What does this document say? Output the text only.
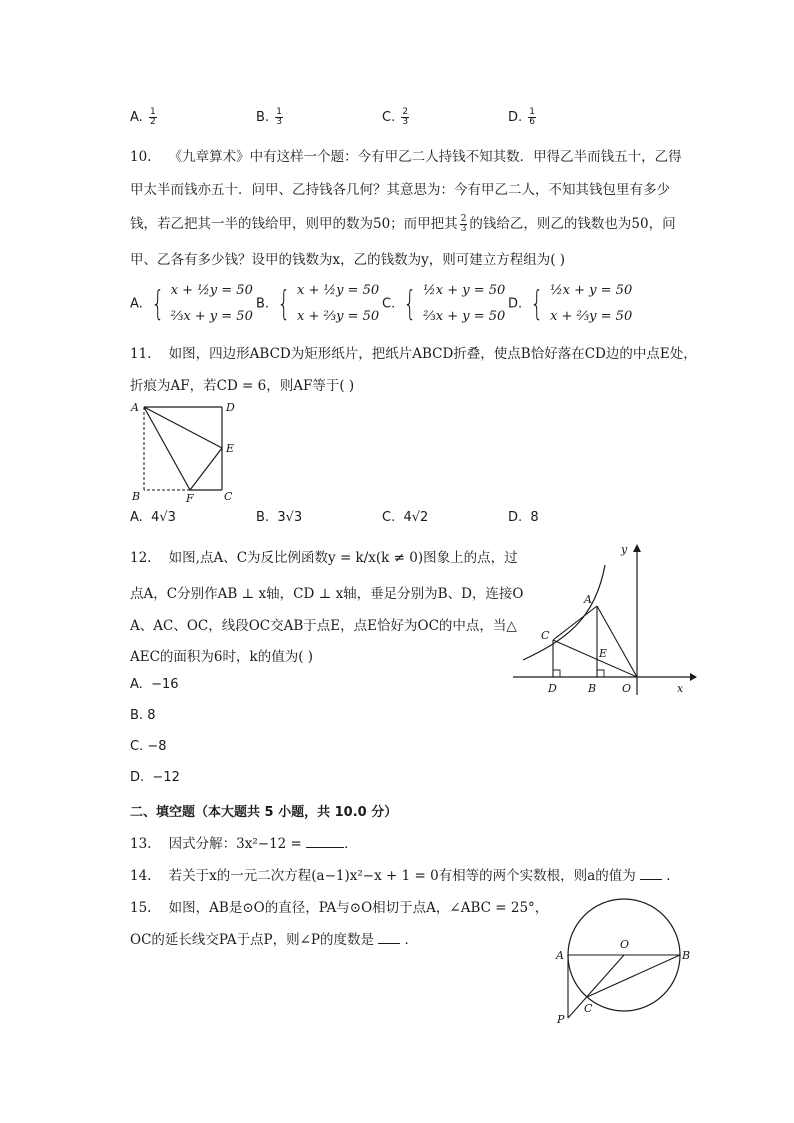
A. $\frac{1}{2}$	B. $\frac{1}{3}$	C. $\frac{2}{3}$	D. $\frac{1}{6}$
10. 《九章算术》中有这样一个题：今有甲乙二人持钱不知其数．甲得乙半而钱五十，乙得
甲太半而钱亦五十．问甲、乙持钱各几何？其意思为：今有甲乙二人，不知其钱包里有多少
钱，若乙把其一半的钱给甲，则甲的数为50；而甲把其 $\frac{2}{3}$ 的钱给乙，则乙的钱数也为50，问
甲、乙各有多少钱？设甲的钱数为x，乙的钱数为y，则可建立方程组为( )
A. { x + ½y = 50
⅔x + y = 50
B. { x + ½y = 50
x + ⅔y = 50
C. { ½x + y = 50
⅔x + y = 50
D. { ½x + y = 50
x + ⅔y = 50
11. 如图，四边形ABCD为矩形纸片，把纸片ABCD折叠，使点B恰好落在CD边的中点E处，
折痕为AF，若CD = 6，则AF等于( )
A	D
E
B	F	C
A. 4√3	B. 3√3	C. 4√2	D. 8
12. 如图,点A、C为反比例函数y = k/x(k ≠ 0)图象上的点，过
点A，C分别作AB ⊥ x轴，CD ⊥ x轴，垂足分别为B、D，连接O
A、AC、OC，线段OC交AB于点E，点E恰好为OC的中点，当△
AEC的面积为6时，k的值为( )
y
x
A
C
E
D	B O
A. −16
B. 8
C. −8
D. −12
二、填空题（本大题共 5 小题，共 10.0 分）
13. 因式分解：3x²−12 =	．
14. 若关于x的一元二次方程(a−1)x²−x + 1 = 0有相等的两个实数根，则a的值为  ．
15. 如图，AB是⊙O的直径，PA与⊙O相切于点A，∠ABC = 25°，
OC的延长线交PA于点P，则∠P的度数是  ．	O
A	B
C
P
